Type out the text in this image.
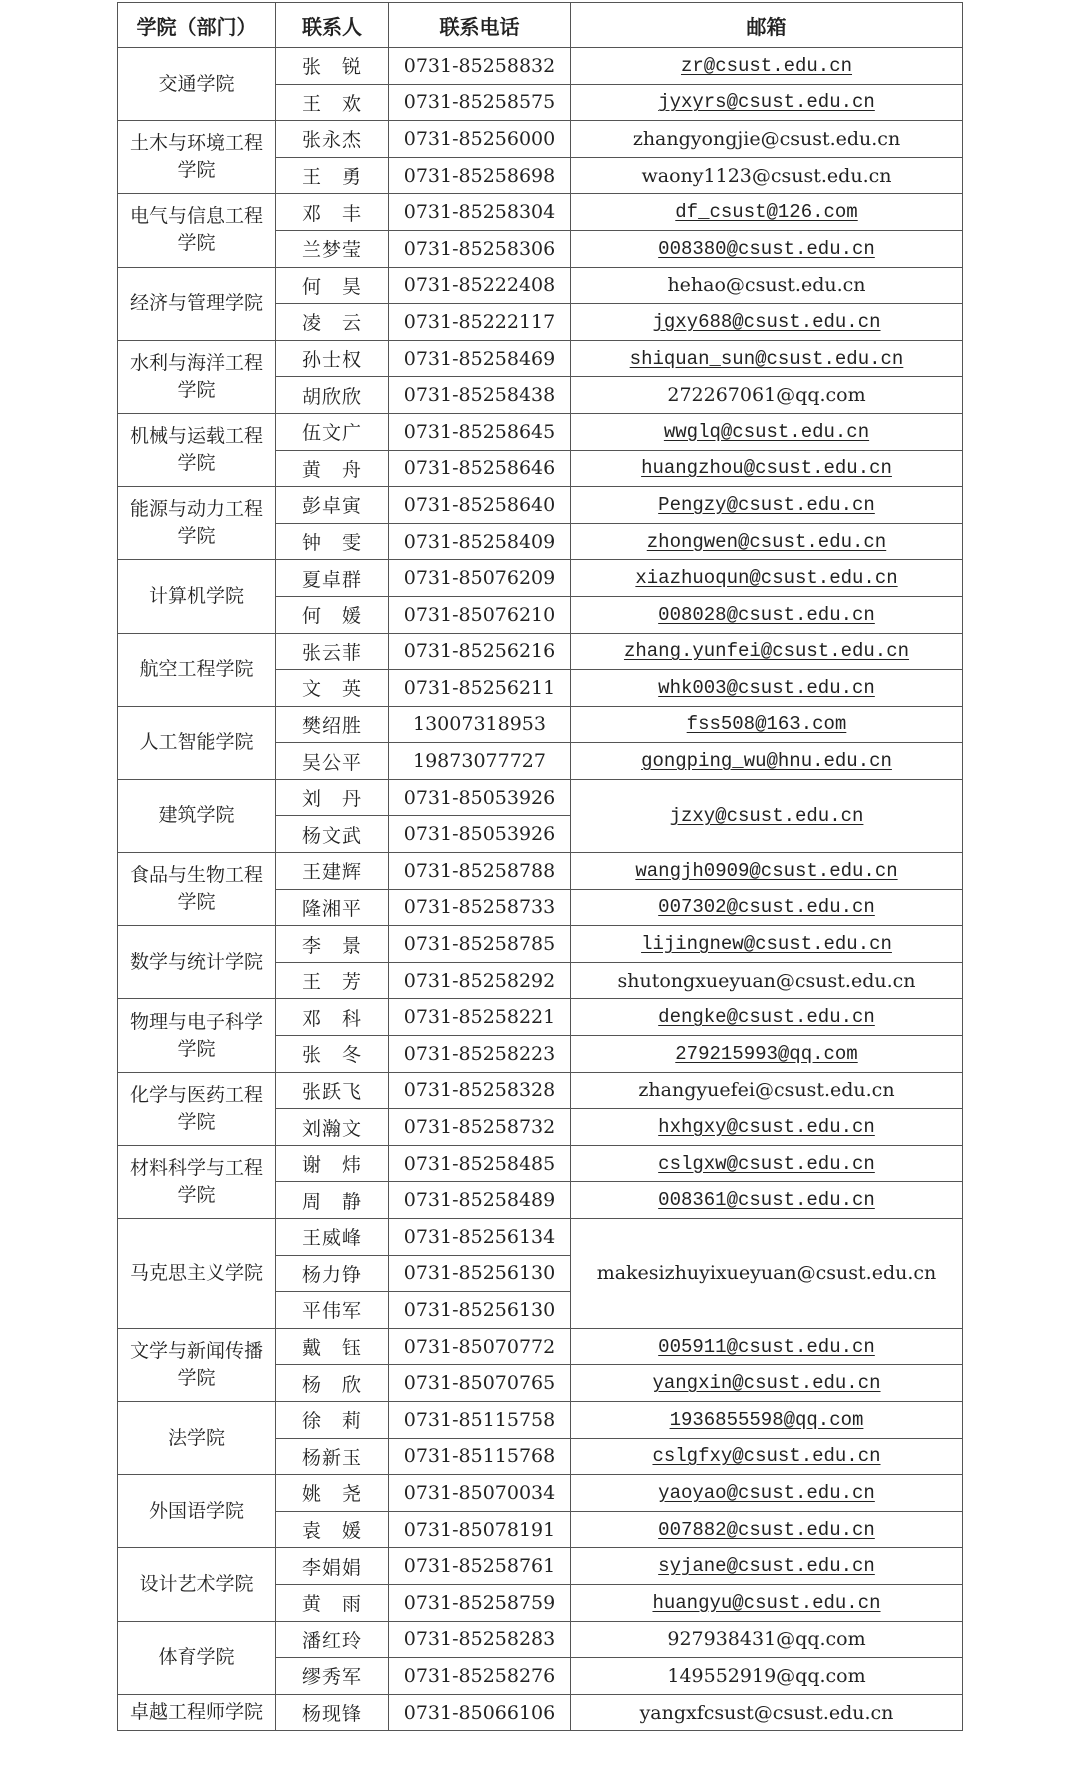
学院（部门）	联系人	联系电话	邮箱
交通学院	张　锐	0731-85258832	zr@csust.edu.cn
	王　欢	0731-85258575	jyxyrs@csust.edu.cn
土木与环境工程学院	张永杰	0731-85256000	zhangyongjie@csust.edu.cn
	王　勇	0731-85258698	waony1123@csust.edu.cn
电气与信息工程学院	邓　丰	0731-85258304	df_csust@126.com
	兰梦莹	0731-85258306	008380@csust.edu.cn
经济与管理学院	何　昊	0731-85222408	hehao@csust.edu.cn
	凌　云	0731-85222117	jgxy688@csust.edu.cn
水利与海洋工程学院	孙士权	0731-85258469	shiquan_sun@csust.edu.cn
	胡欣欣	0731-85258438	272267061@qq.com
机械与运载工程学院	伍文广	0731-85258645	wwglq@csust.edu.cn
	黄　舟	0731-85258646	huangzhou@csust.edu.cn
能源与动力工程学院	彭卓寅	0731-85258640	Pengzy@csust.edu.cn
	钟　雯	0731-85258409	zhongwen@csust.edu.cn
计算机学院	夏卓群	0731-85076209	xiazhuoqun@csust.edu.cn
	何　媛	0731-85076210	008028@csust.edu.cn
航空工程学院	张云菲	0731-85256216	zhang.yunfei@csust.edu.cn
	文　英	0731-85256211	whk003@csust.edu.cn
人工智能学院	樊绍胜	13007318953	fss508@163.com
	吴公平	19873077727	gongping_wu@hnu.edu.cn
建筑学院	刘　丹	0731-85053926	jzxy@csust.edu.cn
	杨文武	0731-85053926	
食品与生物工程学院	王建辉	0731-85258788	wangjh0909@csust.edu.cn
	隆湘平	0731-85258733	007302@csust.edu.cn
数学与统计学院	李　景	0731-85258785	lijingnew@csust.edu.cn
	王　芳	0731-85258292	shutongxueyuan@csust.edu.cn
物理与电子科学学院	邓　科	0731-85258221	dengke@csust.edu.cn
	张　冬	0731-85258223	279215993@qq.com
化学与医药工程学院	张跃飞	0731-85258328	zhangyuefei@csust.edu.cn
	刘瀚文	0731-85258732	hxhgxy@csust.edu.cn
材料科学与工程学院	谢　炜	0731-85258485	cslgxw@csust.edu.cn
	周　静	0731-85258489	008361@csust.edu.cn
马克思主义学院	王威峰	0731-85256134	makesizhuyixueyuan@csust.edu.cn
	杨力铮	0731-85256130	
	平伟军	0731-85256130	
文学与新闻传播学院	戴　钰	0731-85070772	005911@csust.edu.cn
	杨　欣	0731-85070765	yangxin@csust.edu.cn
法学院	徐　莉	0731-85115758	1936855598@qq.com
	杨新玉	0731-85115768	cslgfxy@csust.edu.cn
外国语学院	姚　尧	0731-85070034	yaoyao@csust.edu.cn
	袁　媛	0731-85078191	007882@csust.edu.cn
设计艺术学院	李娟娟	0731-85258761	syjane@csust.edu.cn
	黄　雨	0731-85258759	huangyu@csust.edu.cn
体育学院	潘红玲	0731-85258283	927938431@qq.com
	缪秀军	0731-85258276	149552919@qq.com
卓越工程师学院	杨现锋	0731-85066106	yangxfcsust@csust.edu.cn
